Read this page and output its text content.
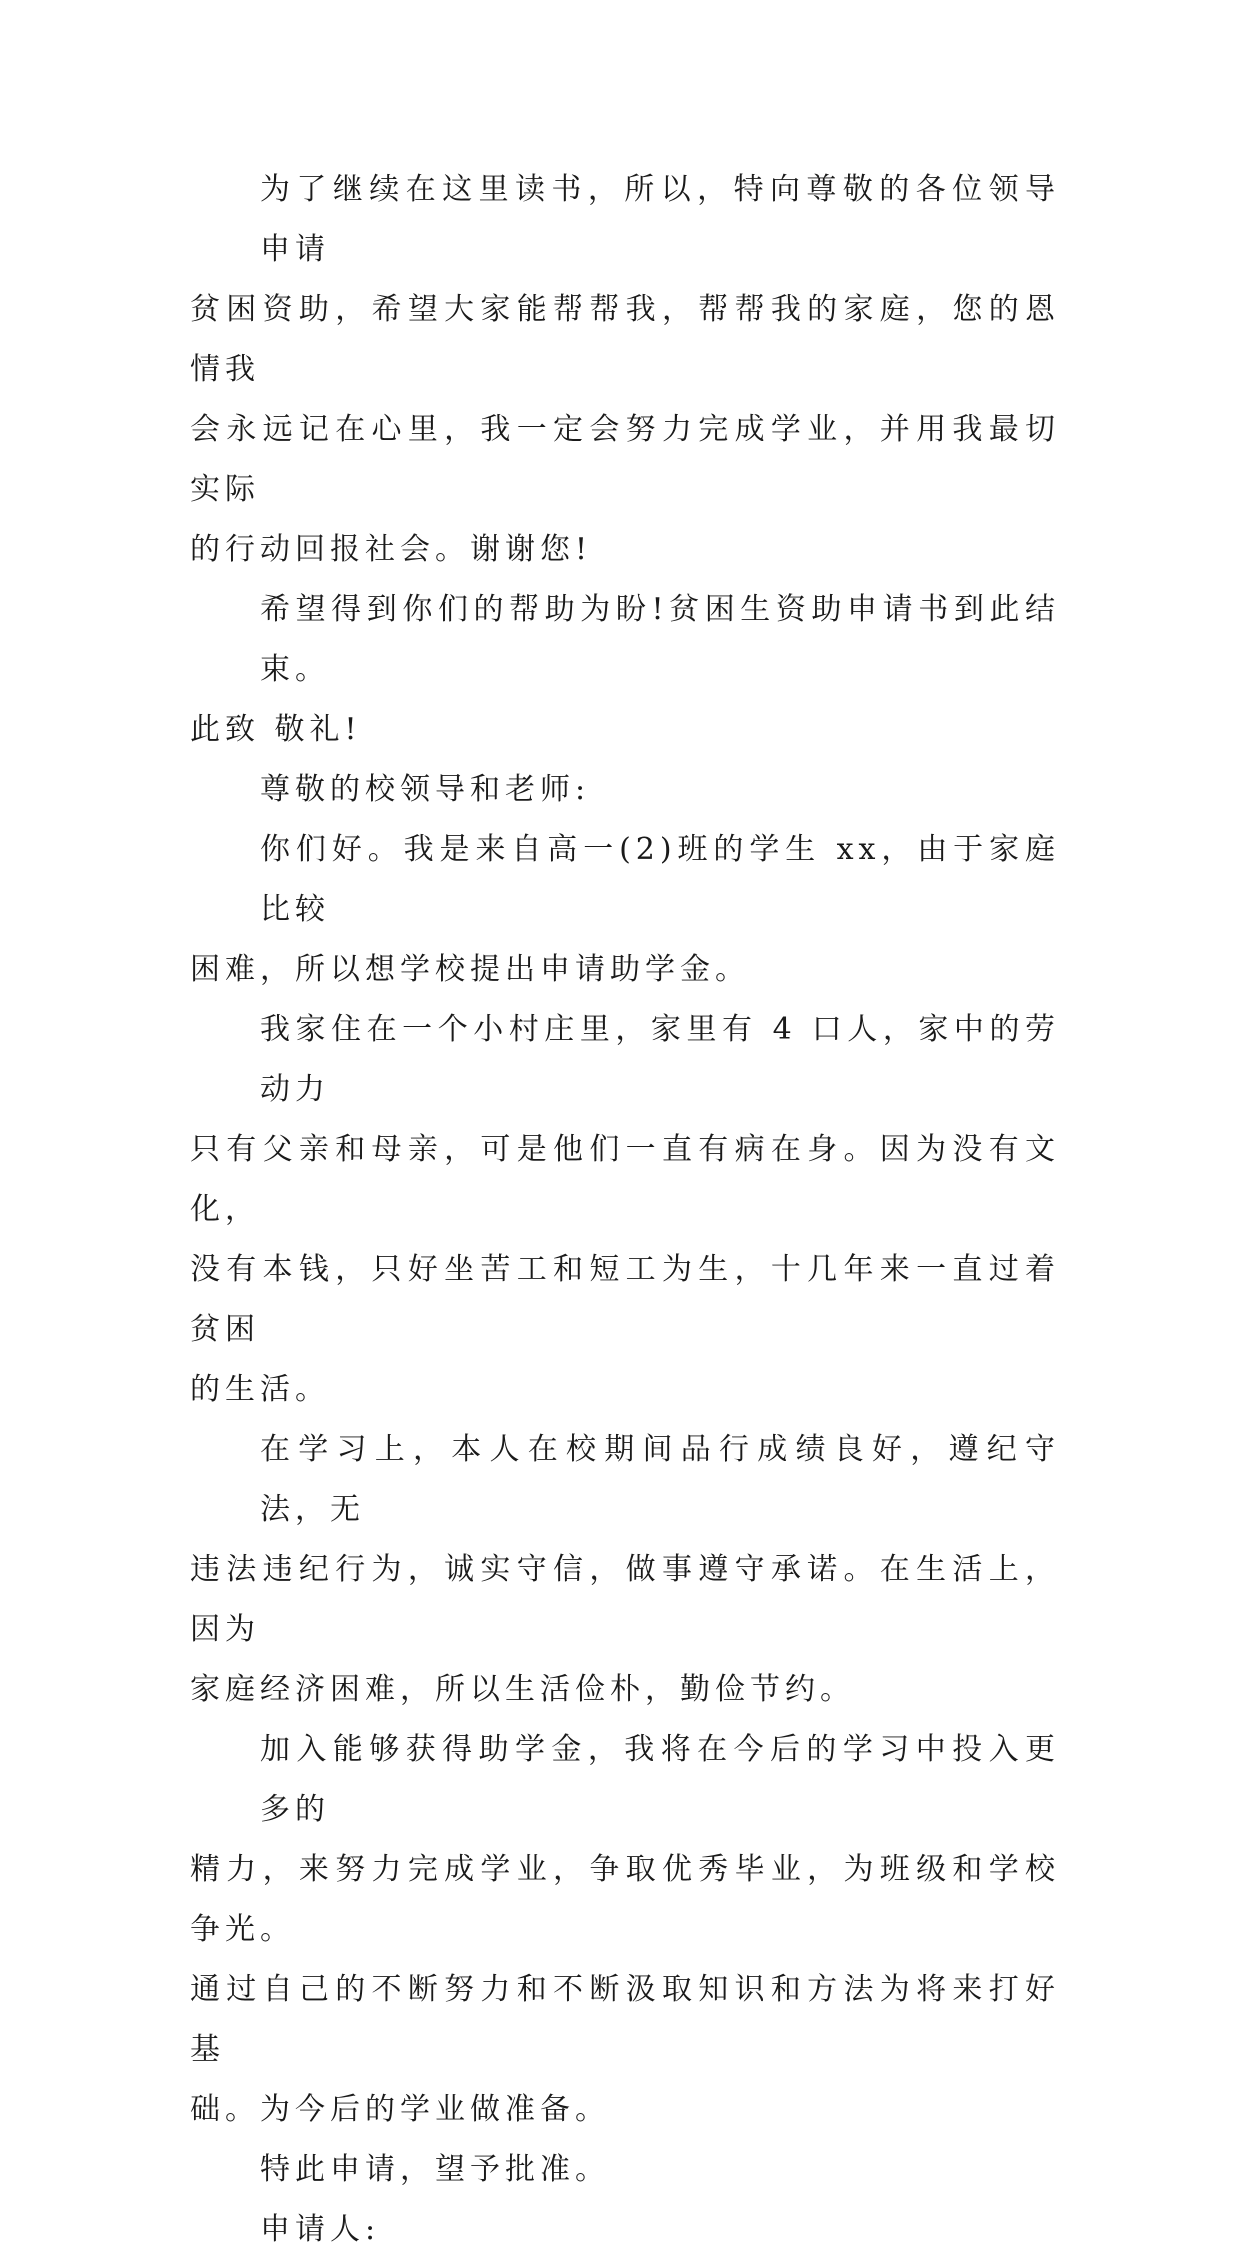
为了继续在这里读书，所以，特向尊敬的各位领导申请
贫困资助，希望大家能帮帮我，帮帮我的家庭，您的恩情我
会永远记在心里，我一定会努力完成学业，并用我最切实际
的行动回报社会。谢谢您!

希望得到你们的帮助为盼!贫困生资助申请书到此结束。
此致 敬礼!

尊敬的校领导和老师:

你们好。我是来自高一(2)班的学生 xx，由于家庭比较
困难，所以想学校提出申请助学金。

我家住在一个小村庄里，家里有 4 口人，家中的劳动力
只有父亲和母亲，可是他们一直有病在身。因为没有文化，
没有本钱，只好坐苦工和短工为生，十几年来一直过着贫困
的生活。

在学习上，本人在校期间品行成绩良好，遵纪守法，无
违法违纪行为，诚实守信，做事遵守承诺。在生活上，因为
家庭经济困难，所以生活俭朴，勤俭节约。

加入能够获得助学金，我将在今后的学习中投入更多的
精力，来努力完成学业，争取优秀毕业，为班级和学校争光。
通过自己的不断努力和不断汲取知识和方法为将来打好基
础。为今后的学业做准备。

特此申请，望予批准。

申请人:
